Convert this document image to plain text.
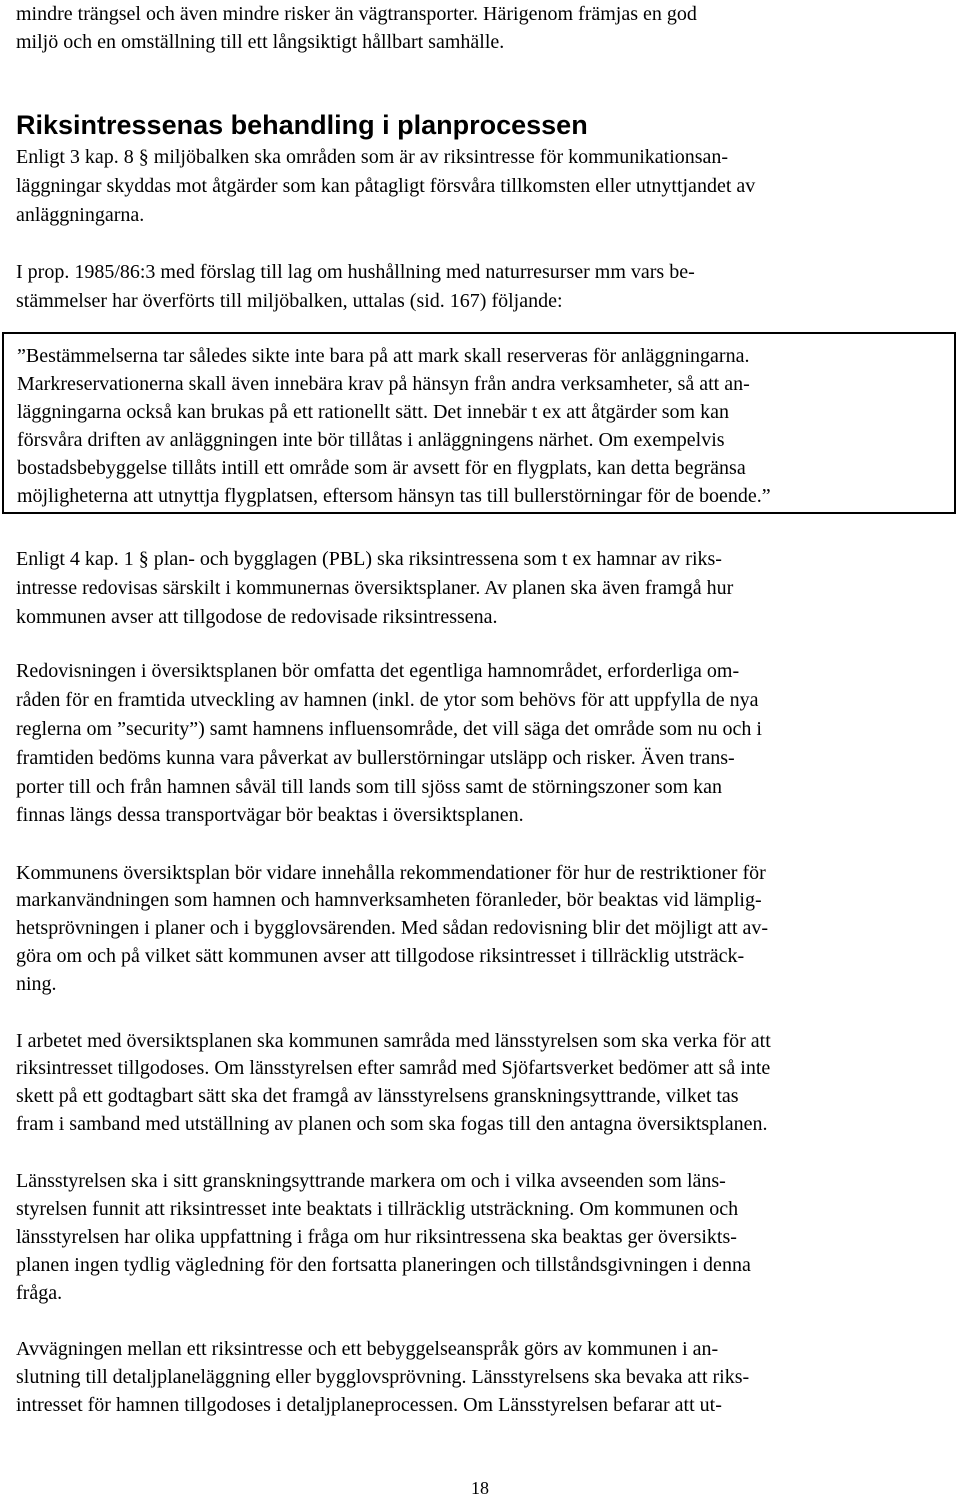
mindre trängsel och även mindre risker än vägtransporter. Härigenom främjas en god
miljö och en omställning till ett långsiktigt hållbart samhälle.
Riksintressenas behandling i planprocessen
Enligt 3 kap. 8 § miljöbalken ska områden som är av riksintresse för kommunikationsan-
läggningar skyddas mot åtgärder som kan påtagligt försvåra tillkomsten eller utnyttjandet av
anläggningarna.
I prop. 1985/86:3 med förslag till lag om hushållning med naturresurser mm vars be-
stämmelser har överförts till miljöbalken, uttalas (sid. 167) följande:
Enligt 4 kap. 1 § plan- och bygglagen (PBL) ska riksintressena som t ex hamnar av riks-
intresse redovisas särskilt i kommunernas översiktsplaner. Av planen ska även framgå hur
kommunen avser att tillgodose de redovisade riksintressena.
Redovisningen i översiktsplanen bör omfatta det egentliga hamnområdet, erforderliga om-
råden för en framtida utveckling av hamnen (inkl. de ytor som behövs för att uppfylla de nya
reglerna om ”security”) samt hamnens influensområde, det vill säga det område som nu och i
framtiden bedöms kunna vara påverkat av bullerstörningar utsläpp och risker. Även trans-
porter till och från hamnen såväl till lands som till sjöss samt de störningszoner som kan
finnas längs dessa transportvägar bör beaktas i översiktsplanen.
Kommunens översiktsplan bör vidare innehålla rekommendationer för hur de restriktioner för
markanvändningen som hamnen och hamnverksamheten föranleder, bör beaktas vid lämplig-
hetsprövningen i planer och i bygglovsärenden. Med sådan redovisning blir det möjligt att av-
göra om och på vilket sätt kommunen avser att tillgodose riksintresset i tillräcklig utsträck-
ning.
I arbetet med översiktsplanen ska kommunen samråda med länsstyrelsen som ska verka för att
riksintresset tillgodoses. Om länsstyrelsen efter samråd med Sjöfartsverket bedömer att så inte
skett på ett godtagbart sätt ska det framgå av länsstyrelsens granskningsyttrande, vilket tas
fram i samband med utställning av planen och som ska fogas till den antagna översiktsplanen.
Länsstyrelsen ska i sitt granskningsyttrande markera om och i vilka avseenden som läns-
styrelsen funnit att riksintresset inte beaktats i tillräcklig utsträckning. Om kommunen och
länsstyrelsen har olika uppfattning i fråga om hur riksintressena ska beaktas ger översikts-
planen ingen tydlig vägledning för den fortsatta planeringen och tillståndsgivningen i denna
fråga.
Avvägningen mellan ett riksintresse och ett bebyggelseanspråk görs av kommunen i an-
slutning till detaljplaneläggning eller bygglovsprövning. Länsstyrelsens ska bevaka att riks-
intresset för hamnen tillgodoses i detaljplaneprocessen. Om Länsstyrelsen befarar att ut-
”Bestämmelserna tar således sikte inte bara på att mark skall reserveras för anläggningarna.
Markreservationerna skall även innebära krav på hänsyn från andra verksamheter, så att an-
läggningarna också kan brukas på ett rationellt sätt. Det innebär t ex att åtgärder som kan
försvåra driften av anläggningen inte bör tillåtas i anläggningens närhet. Om exempelvis
bostadsbebyggelse tillåts intill ett område som är avsett för en flygplats, kan detta begränsa
möjligheterna att utnyttja flygplatsen, eftersom hänsyn tas till bullerstörningar för de boende.”
18
